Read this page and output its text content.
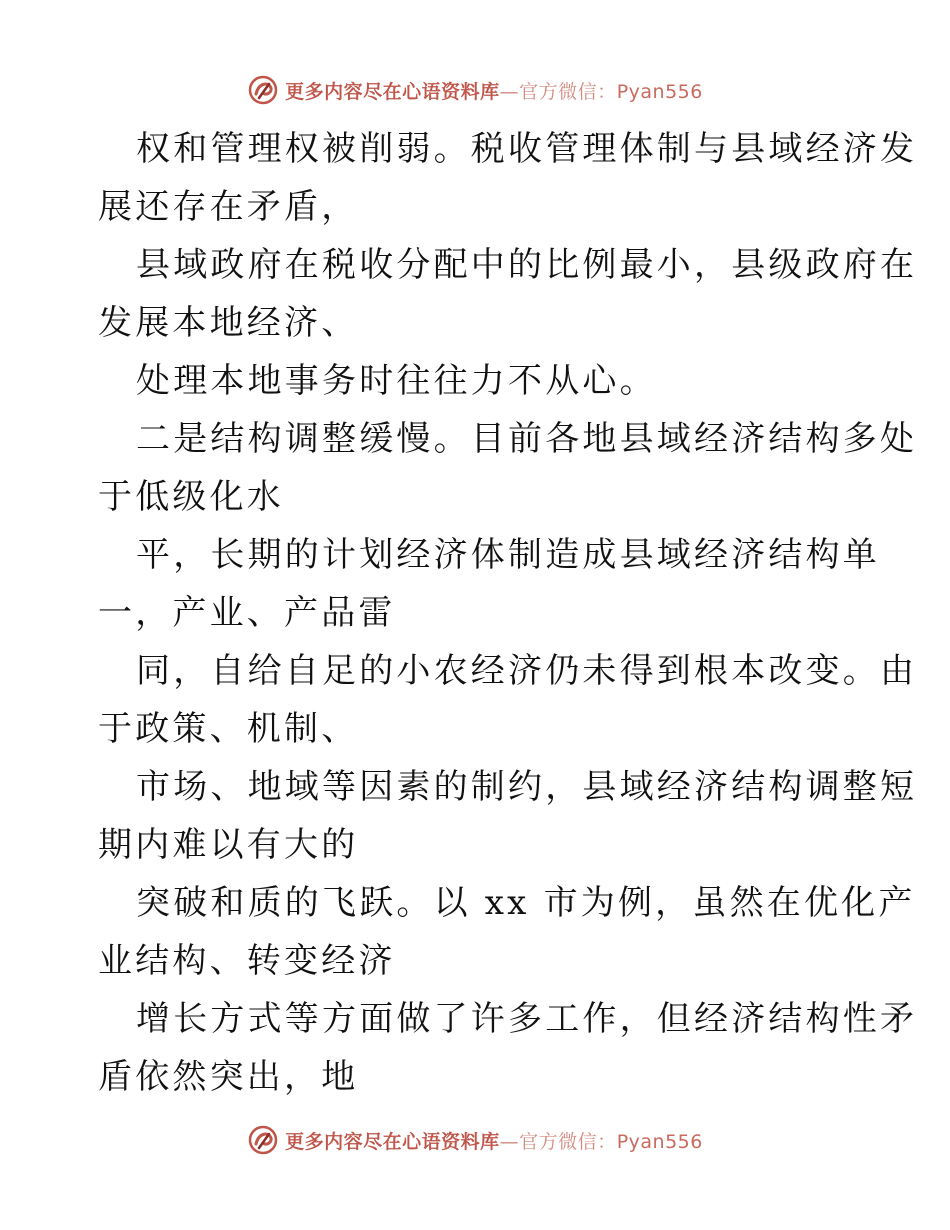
更多内容尽在心语资料库—官方微信：Pyan556
权和管理权被削弱。税收管理体制与县域经济发
展还存在矛盾，
县域政府在税收分配中的比例最小，县级政府在
发展本地经济、
处理本地事务时往往力不从心。
二是结构调整缓慢。目前各地县域经济结构多处
于低级化水
平，长期的计划经济体制造成县域经济结构单
一，产业、产品雷
同，自给自足的小农经济仍未得到根本改变。由
于政策、机制、
市场、地域等因素的制约，县域经济结构调整短
期内难以有大的
突破和质的飞跃。以 xx 市为例，虽然在优化产
业结构、转变经济
增长方式等方面做了许多工作，但经济结构性矛
盾依然突出，地
更多内容尽在心语资料库—官方微信：Pyan556
